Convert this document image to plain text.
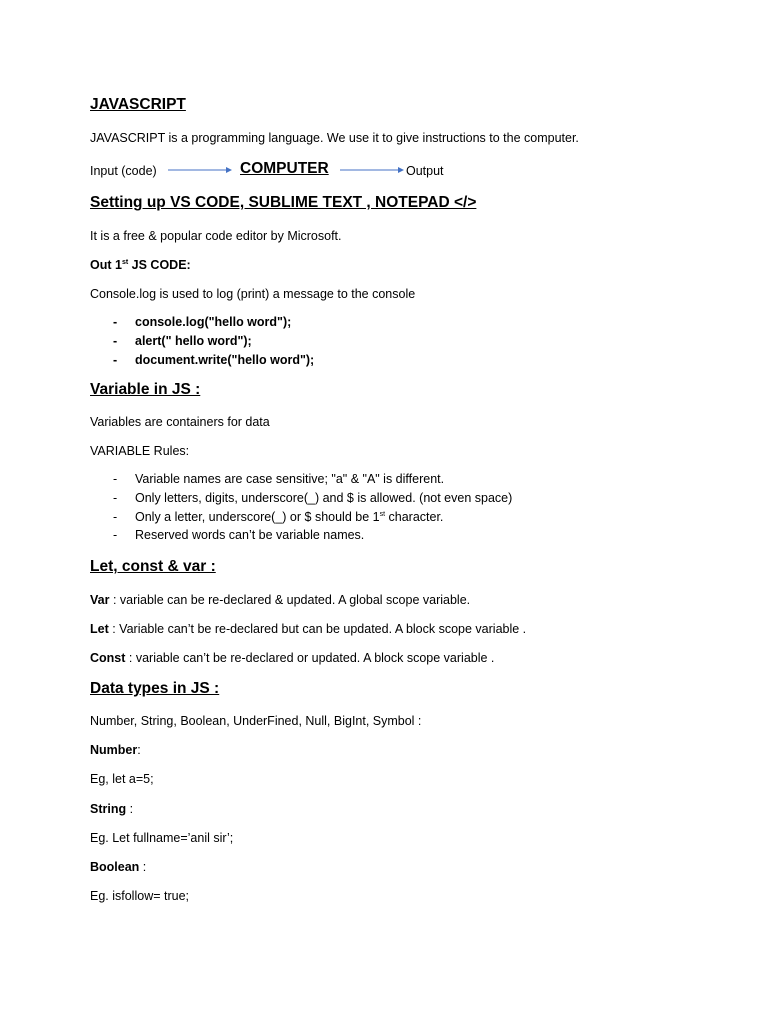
JAVASCRIPT
JAVASCRIPT is a programming language. We use it to give instructions to the computer.
Input (code)	COMPUTER	Output
Setting up VS CODE, SUBLIME TEXT , NOTEPAD </>
It is a free & popular code editor by Microsoft.
Out 1st JS CODE:
Console.log is used to log (print) a message to the console
- console.log("hello word");
- alert(" hello word");
- document.write("hello word");
Variable in JS :
Variables are containers for data
VARIABLE Rules:
- Variable names are case sensitive; "a" & "A" is different.
- Only letters, digits, underscore(_) and $ is allowed. (not even space)
- Only a letter, underscore(_) or $ should be 1st character.
- Reserved words can’t be variable names.
Let, const & var :
Var : variable can be re-declared & updated. A global scope variable.
Let : Variable can’t be re-declared but can be updated. A block scope variable .
Const : variable can’t be re-declared or updated. A block scope variable .
Data types in JS :
Number, String, Boolean, UnderFined, Null, BigInt, Symbol :
Number:
Eg, let a=5;
String :
Eg. Let fullname=’anil sir’;
Boolean :
Eg. isfollow= true;
